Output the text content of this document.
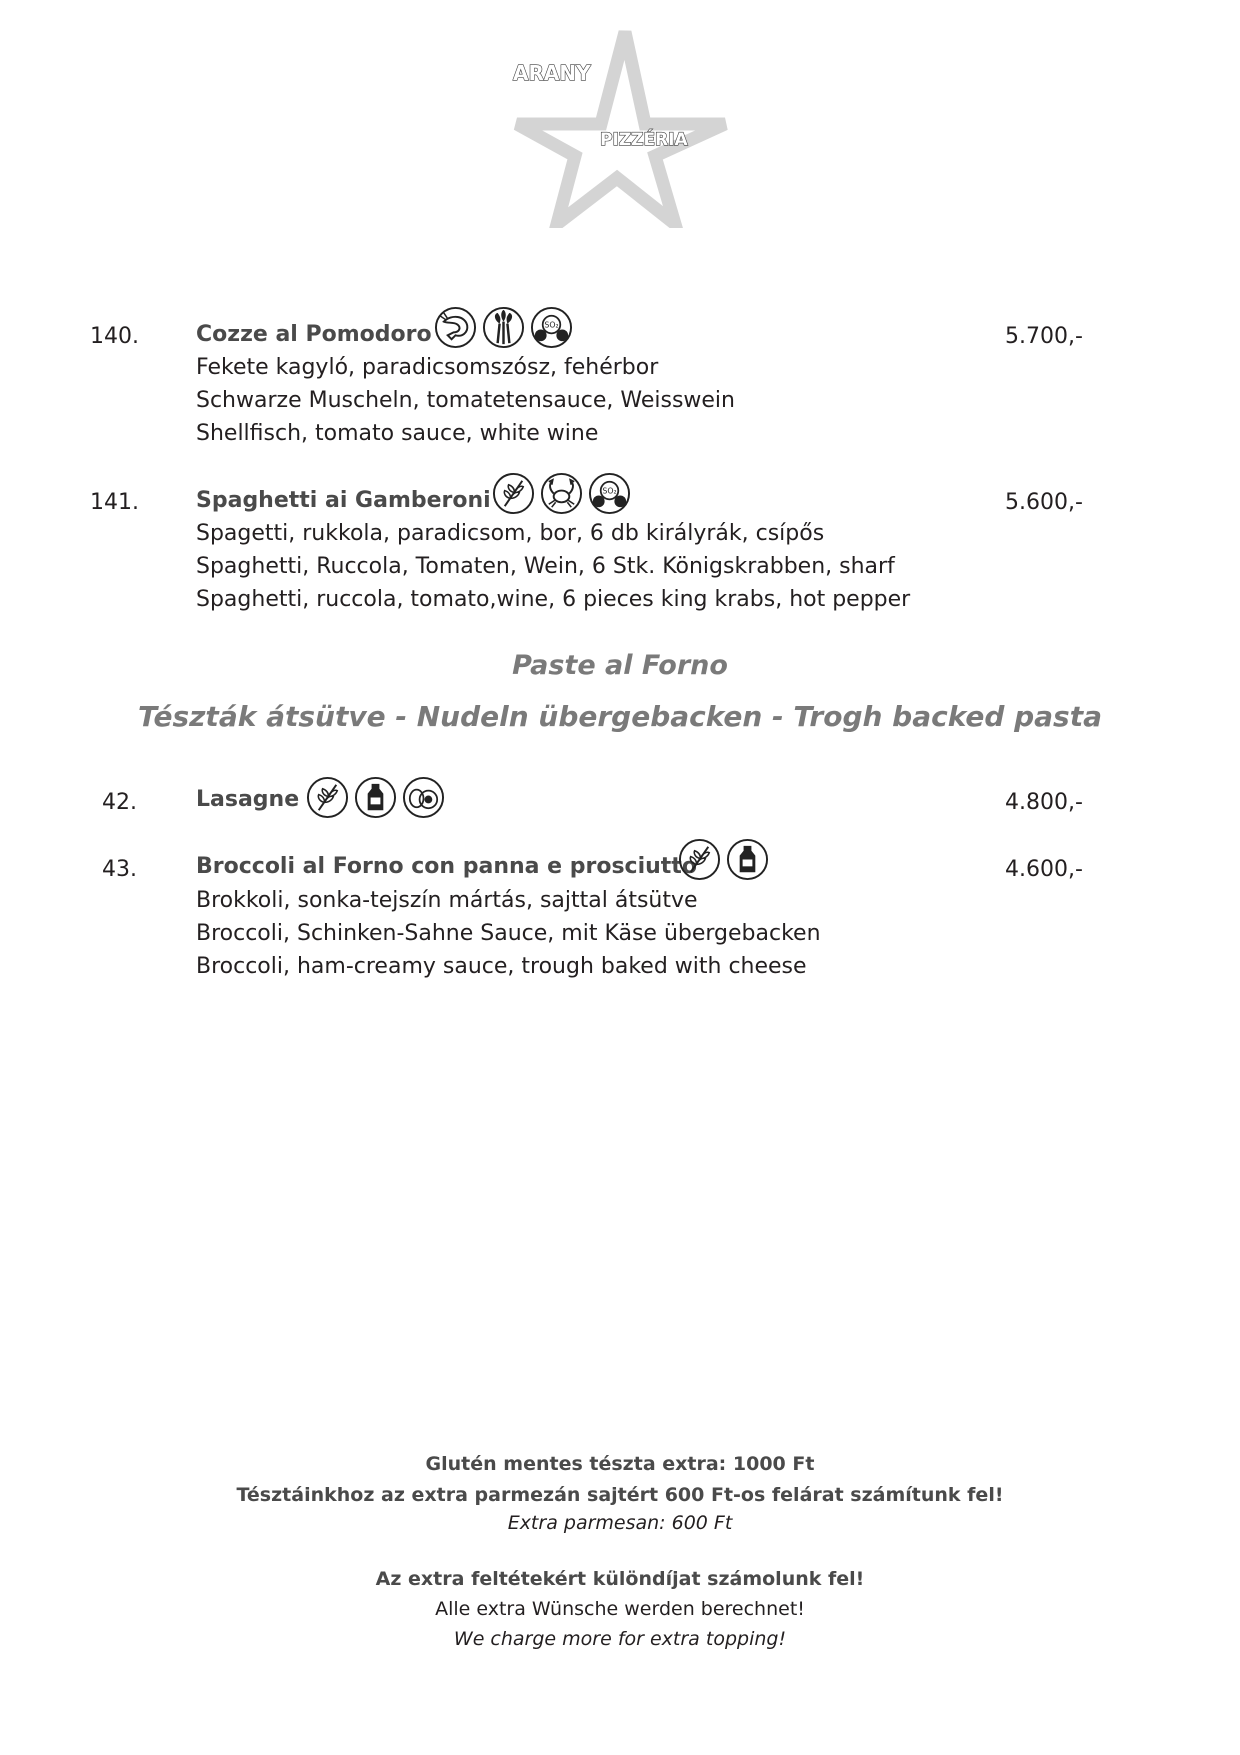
ARANY
PIZZÉRIA
140.	Cozze al Pomodoro	SO₂	5.700,-
Fekete kagyló, paradicsomszósz, fehérbor
Schwarze Muscheln, tomatetensauce, Weisswein
Shellfisch, tomato sauce, white wine
141.	Spaghetti ai Gamberoni	SO₂	5.600,-
Spagetti, rukkola, paradicsom, bor, 6 db királyrák, csípős
Spaghetti, Ruccola, Tomaten, Wein, 6 Stk. Königskrabben, sharf
Spaghetti, ruccola, tomato,wine, 6 pieces king krabs, hot pepper
Paste al Forno
Tészták átsütve - Nudeln übergebacken - Trogh backed pasta
42.	Lasagne	4.800,-
43.	Broccoli al Forno con panna e prosciutto	4.600,-
Brokkoli, sonka-tejszín mártás, sajttal átsütve
Broccoli, Schinken-Sahne Sauce, mit Käse übergebacken
Broccoli, ham-creamy sauce, trough baked with cheese
Glutén mentes tészta extra: 1000 Ft
Tésztáinkhoz az extra parmezán sajtért 600 Ft-os felárat számítunk fel!
Extra parmesan: 600 Ft
Az extra feltétekért különdíjat számolunk fel!
Alle extra Wünsche werden berechnet!
We charge more for extra topping!
